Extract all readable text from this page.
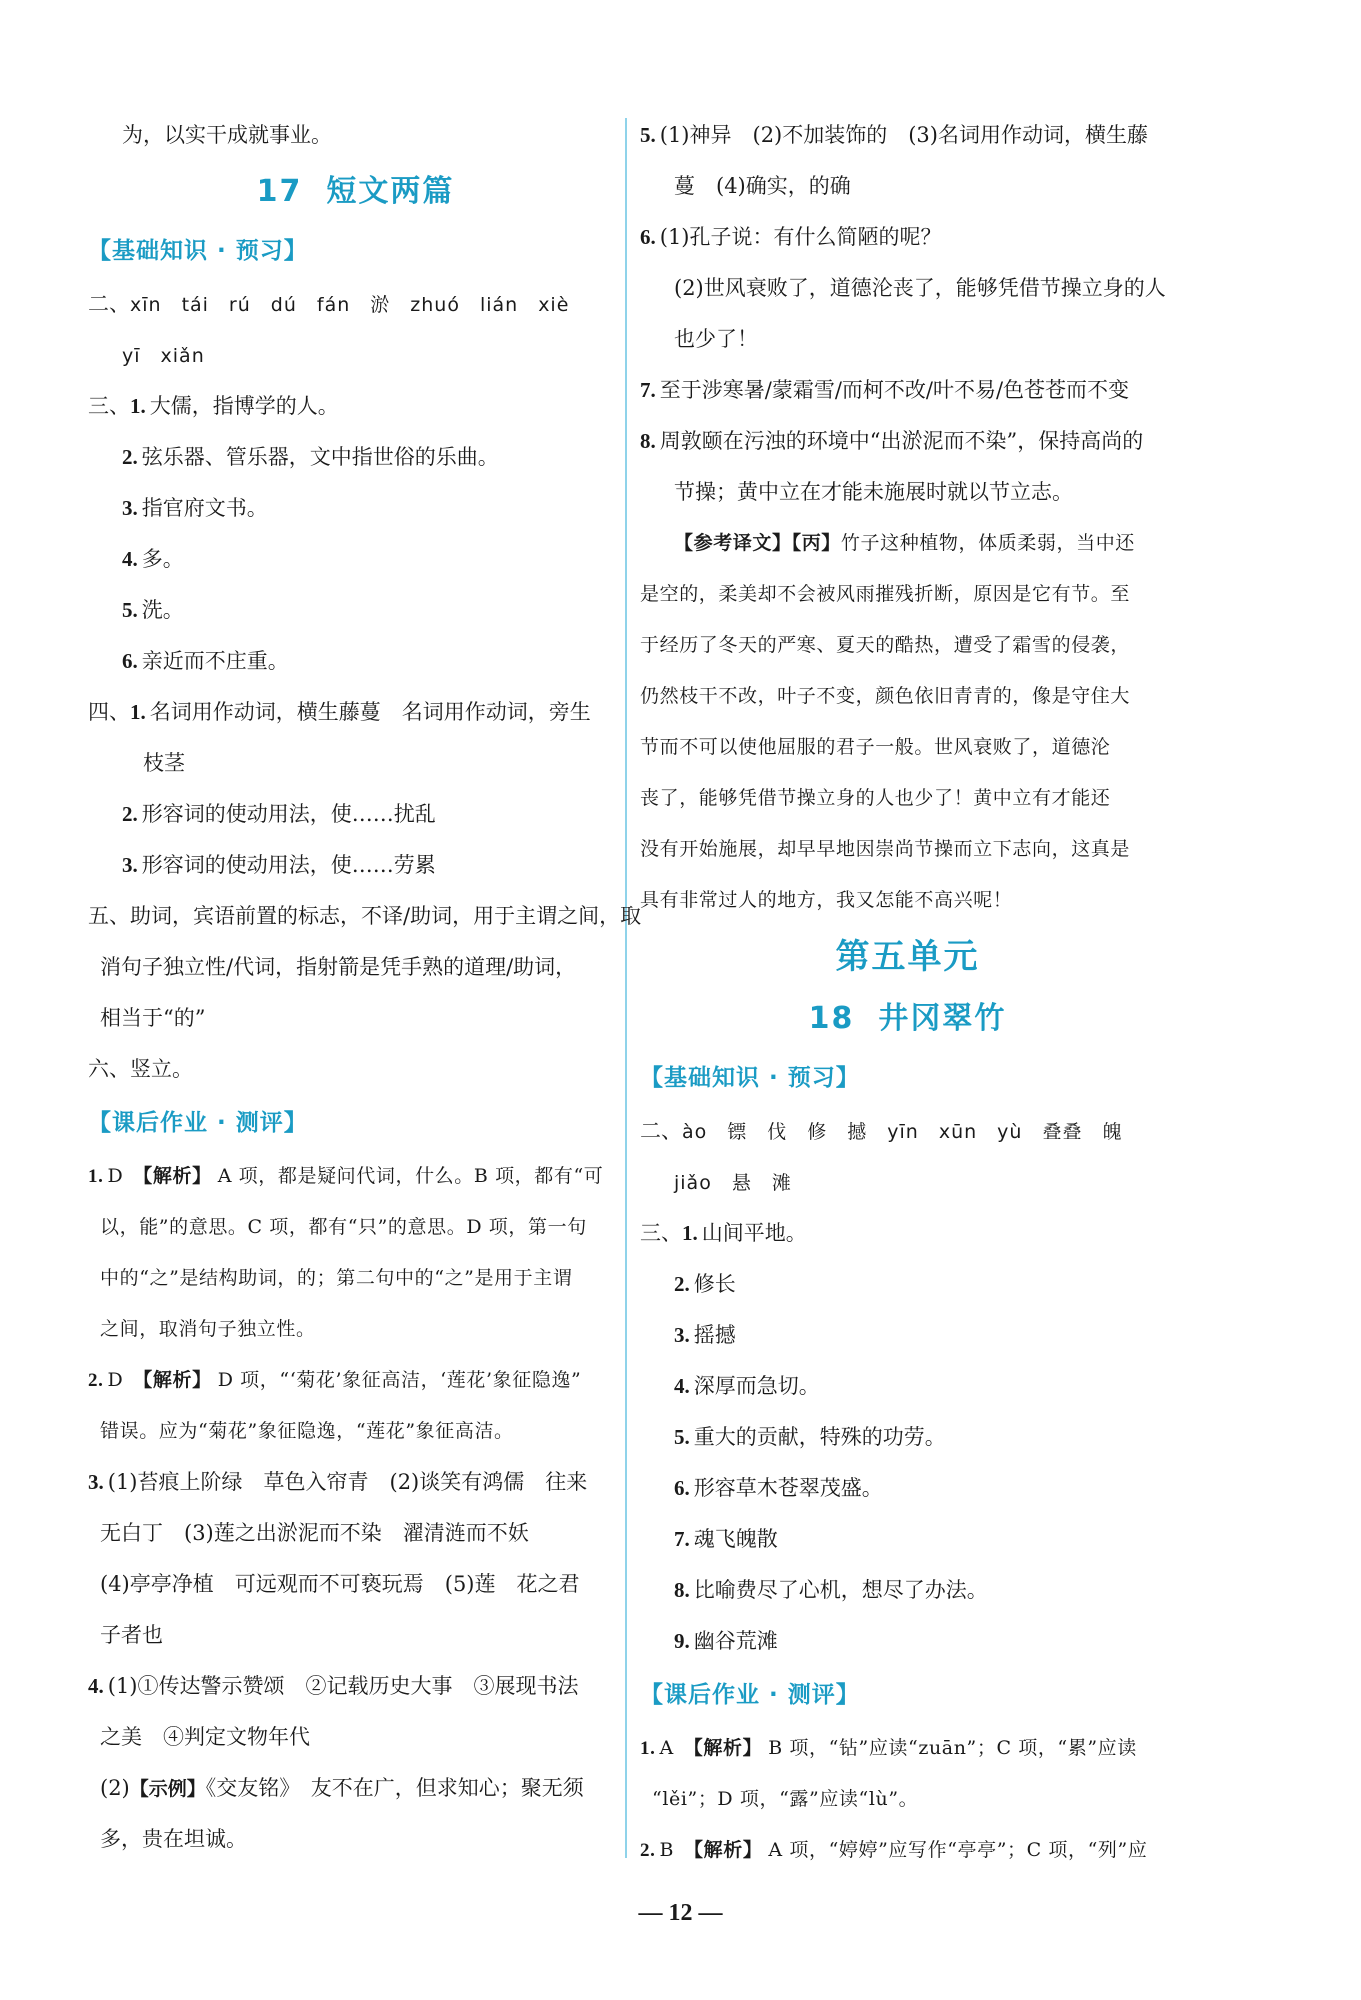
为，以实干成就事业。
17 短文两篇
【基础知识 · 预习】
二、xīn　tái　rú　dú　fán　淤　zhuó　lián　xiè
yī　xiǎn
三、1. 大儒，指博学的人。
2. 弦乐器、管乐器，文中指世俗的乐曲。
3. 指官府文书。
4. 多。
5. 洗。
6. 亲近而不庄重。
四、1. 名词用作动词，横生藤蔓　名词用作动词，旁生
枝茎
2. 形容词的使动用法，使……扰乱
3. 形容词的使动用法，使……劳累
五、助词，宾语前置的标志，不译/助词，用于主谓之间，取
消句子独立性/代词，指射箭是凭手熟的道理/助词，
相当于“的”
六、竖立。
【课后作业 · 测评】
1. D 【解析】 A 项，都是疑问代词，什么。B 项，都有“可
以，能”的意思。C 项，都有“只”的意思。D 项，第一句
中的“之”是结构助词，的；第二句中的“之”是用于主谓
之间，取消句子独立性。
2. D 【解析】 D 项，“‘菊花’象征高洁，‘莲花’象征隐逸”
错误。应为“菊花”象征隐逸，“莲花”象征高洁。
3. (1)苔痕上阶绿　草色入帘青　(2)谈笑有鸿儒　往来
无白丁　(3)莲之出淤泥而不染　濯清涟而不妖
(4)亭亭净植　可远观而不可亵玩焉　(5)莲　花之君
子者也
4. (1)①传达警示赞颂　②记载历史大事　③展现书法
之美　④判定文物年代
(2)【示例】《交友铭》　友不在广，但求知心；聚无须
多，贵在坦诚。
5. (1)神异　(2)不加装饰的　(3)名词用作动词，横生藤
蔓　(4)确实，的确
6. (1)孔子说：有什么简陋的呢？
(2)世风衰败了，道德沦丧了，能够凭借节操立身的人
也少了！
7. 至于涉寒暑/蒙霜雪/而柯不改/叶不易/色苍苍而不变
8. 周敦颐在污浊的环境中“出淤泥而不染”，保持高尚的
节操；黄中立在才能未施展时就以节立志。
【参考译文】【丙】竹子这种植物，体质柔弱，当中还
是空的，柔美却不会被风雨摧残折断，原因是它有节。至
于经历了冬天的严寒、夏天的酷热，遭受了霜雪的侵袭，
仍然枝干不改，叶子不变，颜色依旧青青的，像是守住大
节而不可以使他屈服的君子一般。世风衰败了，道德沦
丧了，能够凭借节操立身的人也少了！黄中立有才能还
没有开始施展，却早早地因崇尚节操而立下志向，这真是
具有非常过人的地方，我又怎能不高兴呢！
第五单元
18 井冈翠竹
【基础知识 · 预习】
二、ào　镖　伐　修　撼　yīn　xūn　yù　叠叠　魄
jiǎo　悬　滩
三、1. 山间平地。
2. 修长
3. 摇撼
4. 深厚而急切。
5. 重大的贡献，特殊的功劳。
6. 形容草木苍翠茂盛。
7. 魂飞魄散
8. 比喻费尽了心机，想尽了办法。
9. 幽谷荒滩
【课后作业 · 测评】
1. A 【解析】 B 项，“钻”应读“zuān”；C 项，“累”应读
“lěi”；D 项，“露”应读“lù”。
2. B 【解析】 A 项，“婷婷”应写作“亭亭”；C 项，“列”应
— 12 —
